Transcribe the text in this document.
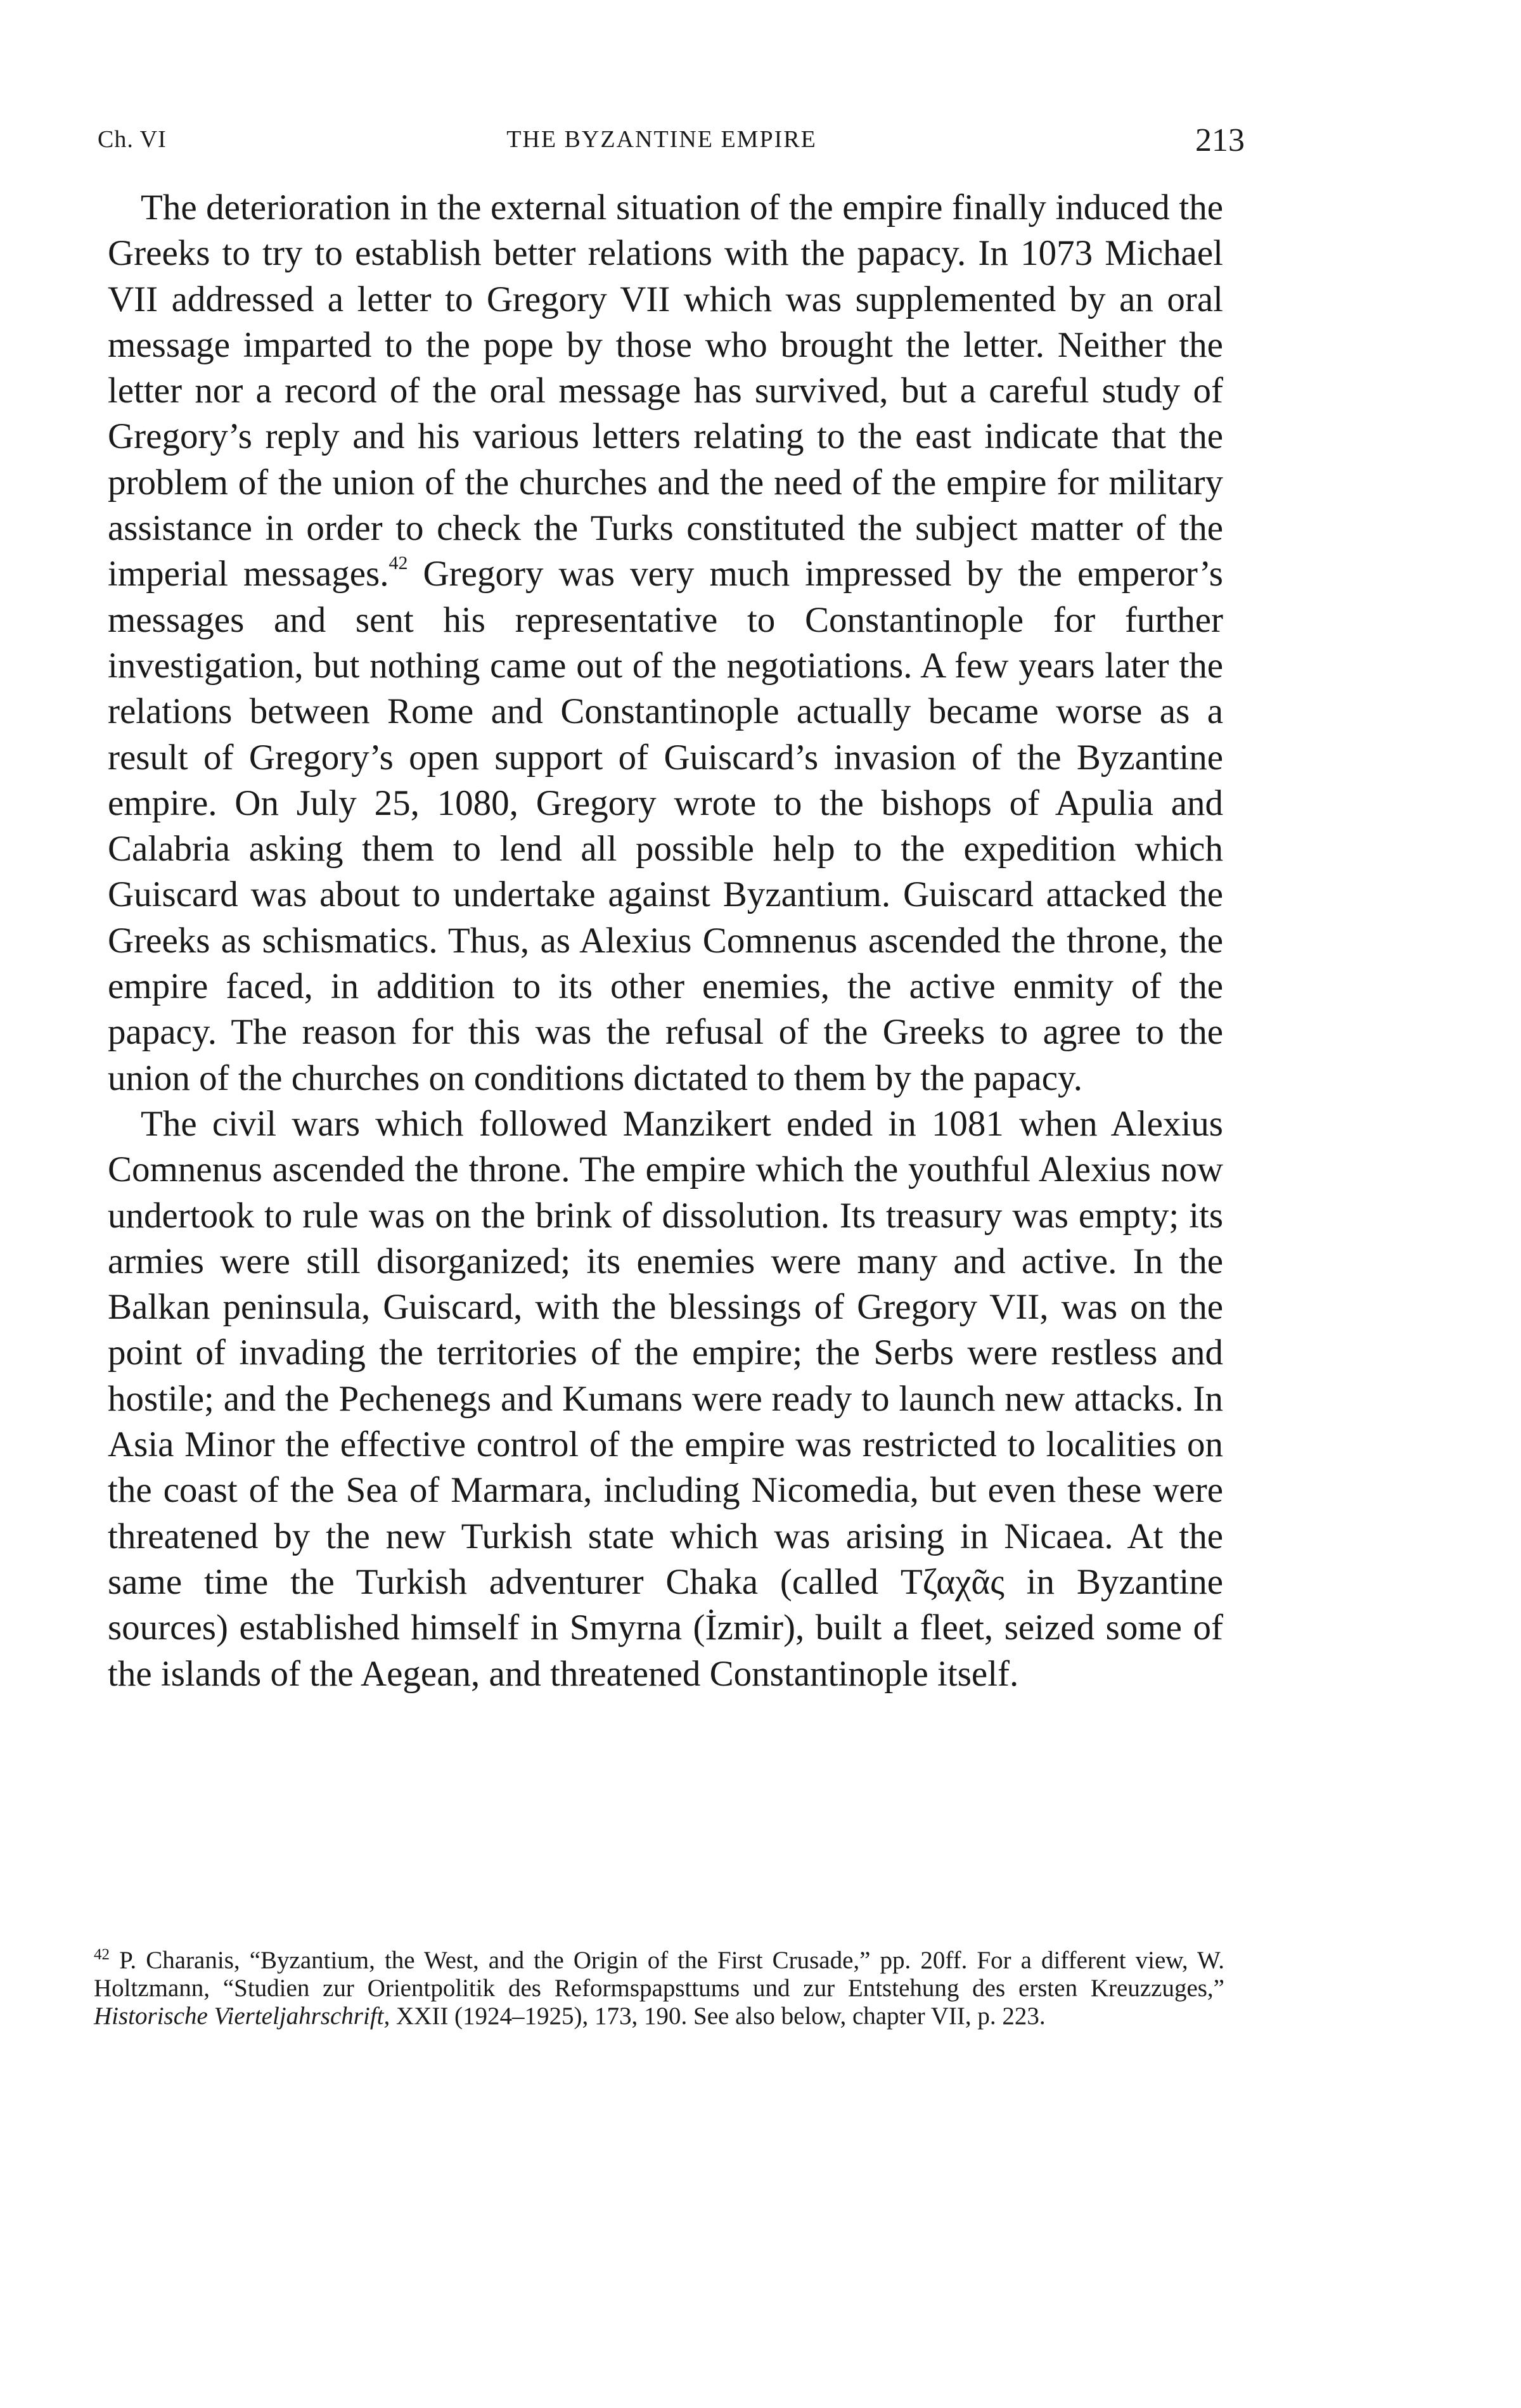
Ch. VI	THE BYZANTINE EMPIRE	213

The deterioration in the external situation of the empire finally induced the Greeks to try to establish better relations with the papacy. In 1073 Michael VII addressed a letter to Gregory VII which was supplemented by an oral message imparted to the pope by those who brought the letter. Neither the letter nor a record of the oral message has survived, but a careful study of Gregory’s reply and his various letters relating to the east indicate that the problem of the union of the churches and the need of the empire for military assistance in order to check the Turks constituted the subject matter of the imperial messages.$^{42}$ Gregory was very much impressed by the emperor’s messages and sent his representative to Constantinople for further investigation, but nothing came out of the negotiations. A few years later the relations between Rome and Constantinople actually became worse as a result of Gregory’s open support of Guiscard’s invasion of the Byzantine empire. On July 25, 1080, Gregory wrote to the bishops of Apulia and Calabria asking them to lend all possible help to the expedition which Guiscard was about to undertake against Byzantium. Guiscard attacked the Greeks as schismatics. Thus, as Alexius Comnenus ascended the throne, the empire faced, in addition to its other enemies, the active enmity of the papacy. The reason for this was the refusal of the Greeks to agree to the union of the churches on conditions dictated to them by the papacy.

The civil wars which followed Manzikert ended in 1081 when Alexius Comnenus ascended the throne. The empire which the youthful Alexius now undertook to rule was on the brink of dissolution. Its treasury was empty; its armies were still disorganized; its enemies were many and active. In the Balkan peninsula, Guiscard, with the blessings of Gregory VII, was on the point of invading the territories of the empire; the Serbs were restless and hostile; and the Pechenegs and Kumans were ready to launch new attacks. In Asia Minor the effective control of the empire was restricted to localities on the coast of the Sea of Marmara, including Nicomedia, but even these were threatened by the new Turkish state which was arising in Nicaea. At the same time the Turkish adventurer Chaka (called Τζαχᾶς in Byzantine sources) established himself in Smyrna (İzmir), built a fleet, seized some of the islands of the Aegean, and threatened Constantinople itself.

$^{42}$ P. Charanis, “Byzantium, the West, and the Origin of the First Crusade,” pp. 20ff. For a different view, W. Holtzmann, “Studien zur Orientpolitik des Reformspapsttums und zur Entstehung des ersten Kreuzzuges,” Historische Vierteljahrschrift, XXII (1924–1925), 173, 190. See also below, chapter VII, p. 223.
